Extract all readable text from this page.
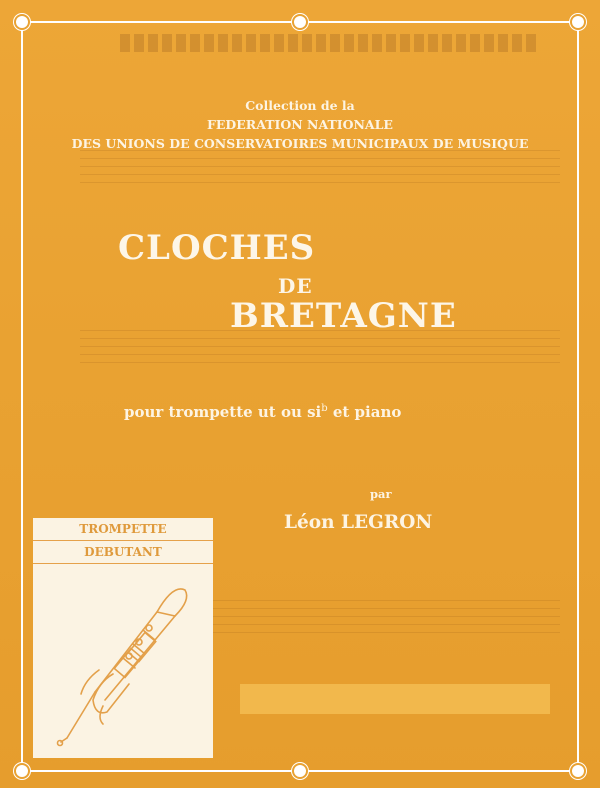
Collection de la
FEDERATION NATIONALE
DES UNIONS DE CONSERVATOIRES MUNICIPAUX DE MUSIQUE
CLOCHES
DE
BRETAGNE
pour trompette ut ou $si^b$ et piano
par
Léon LEGRON
TROMPETTE
DEBUTANT
